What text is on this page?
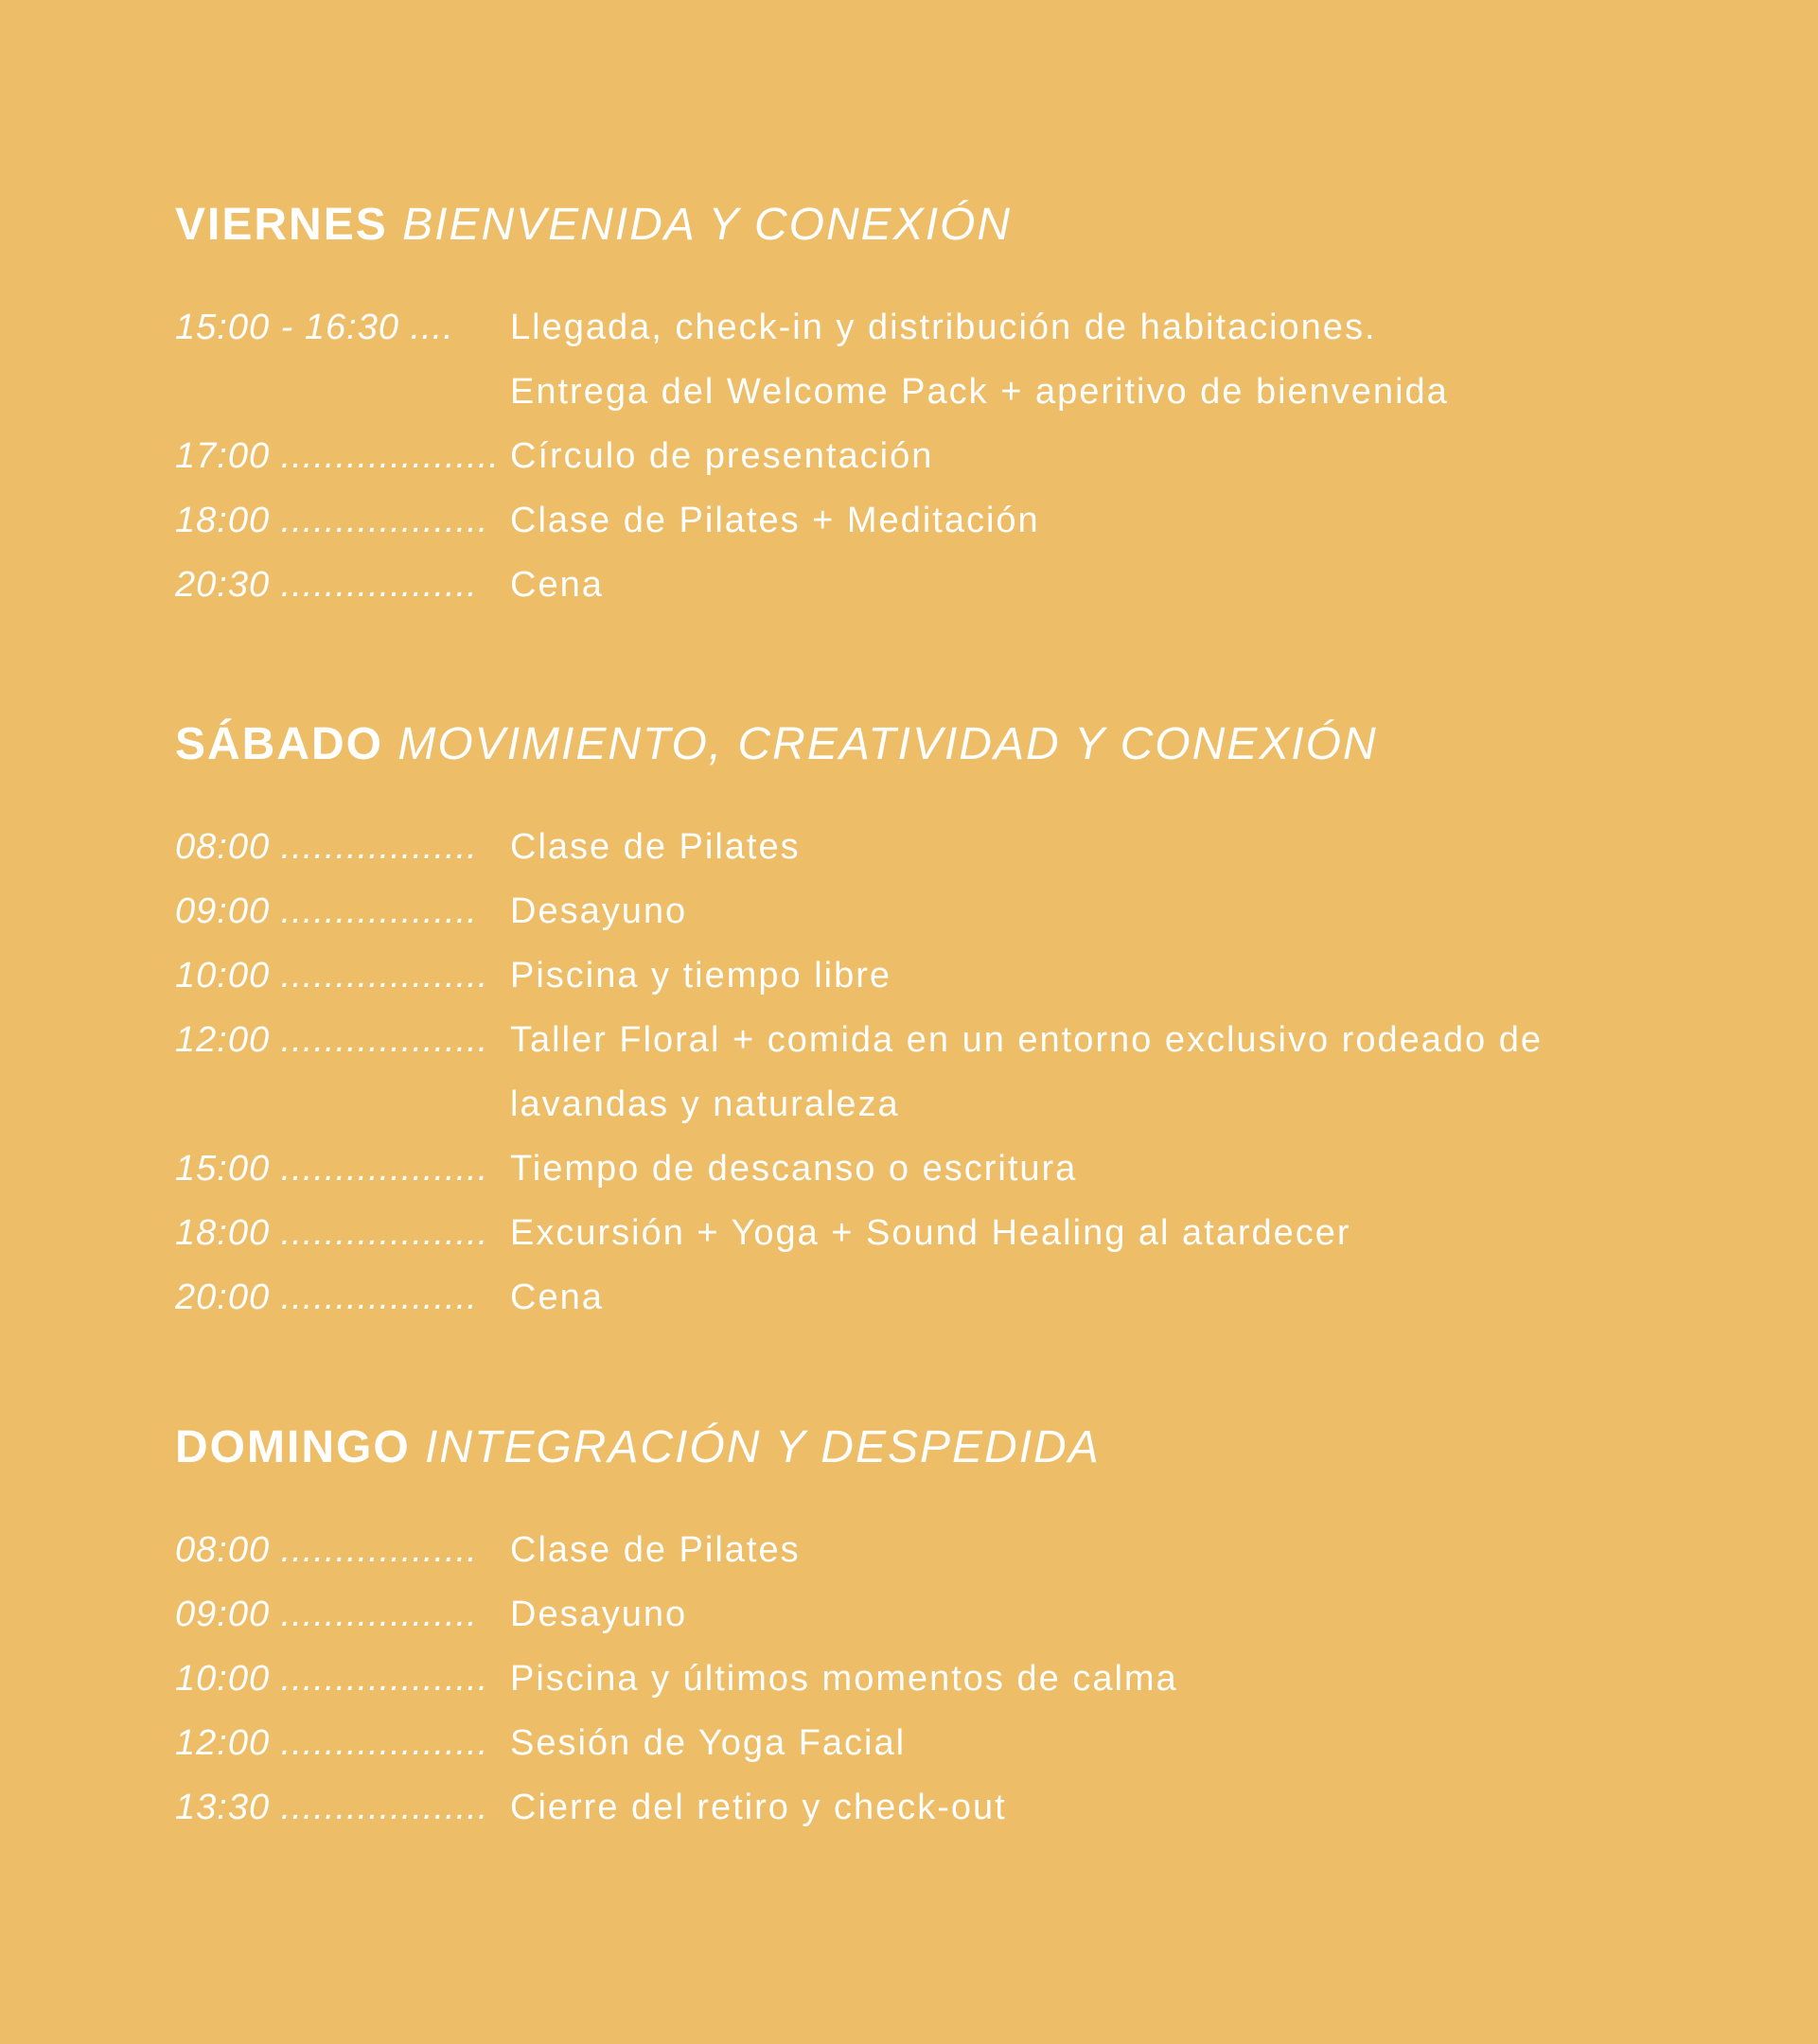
VIERNES BIENVENIDA Y CONEXIÓN
15:00 - 16:30 ....	Llegada, check-in y distribución de habitaciones.
Entrega del Welcome Pack + aperitivo de bienvenida
17:00 .................... Círculo de presentación
18:00 ................... Clase de Pilates + Meditación
20:30 .................. Cena
SÁBADO MOVIMIENTO, CREATIVIDAD Y CONEXIÓN
08:00 .................. Clase de Pilates
09:00 .................. Desayuno
10:00 ................... Piscina y tiempo libre
12:00 ................... Taller Floral + comida en un entorno exclusivo rodeado de
lavandas y naturaleza
15:00 ................... Tiempo de descanso o escritura
18:00 ................... Excursión + Yoga + Sound Healing al atardecer
20:00 .................. Cena
DOMINGO INTEGRACIÓN Y DESPEDIDA
08:00 .................. Clase de Pilates
09:00 .................. Desayuno
10:00 ................... Piscina y últimos momentos de calma
12:00 ................... Sesión de Yoga Facial
13:30 ................... Cierre del retiro y check-out
